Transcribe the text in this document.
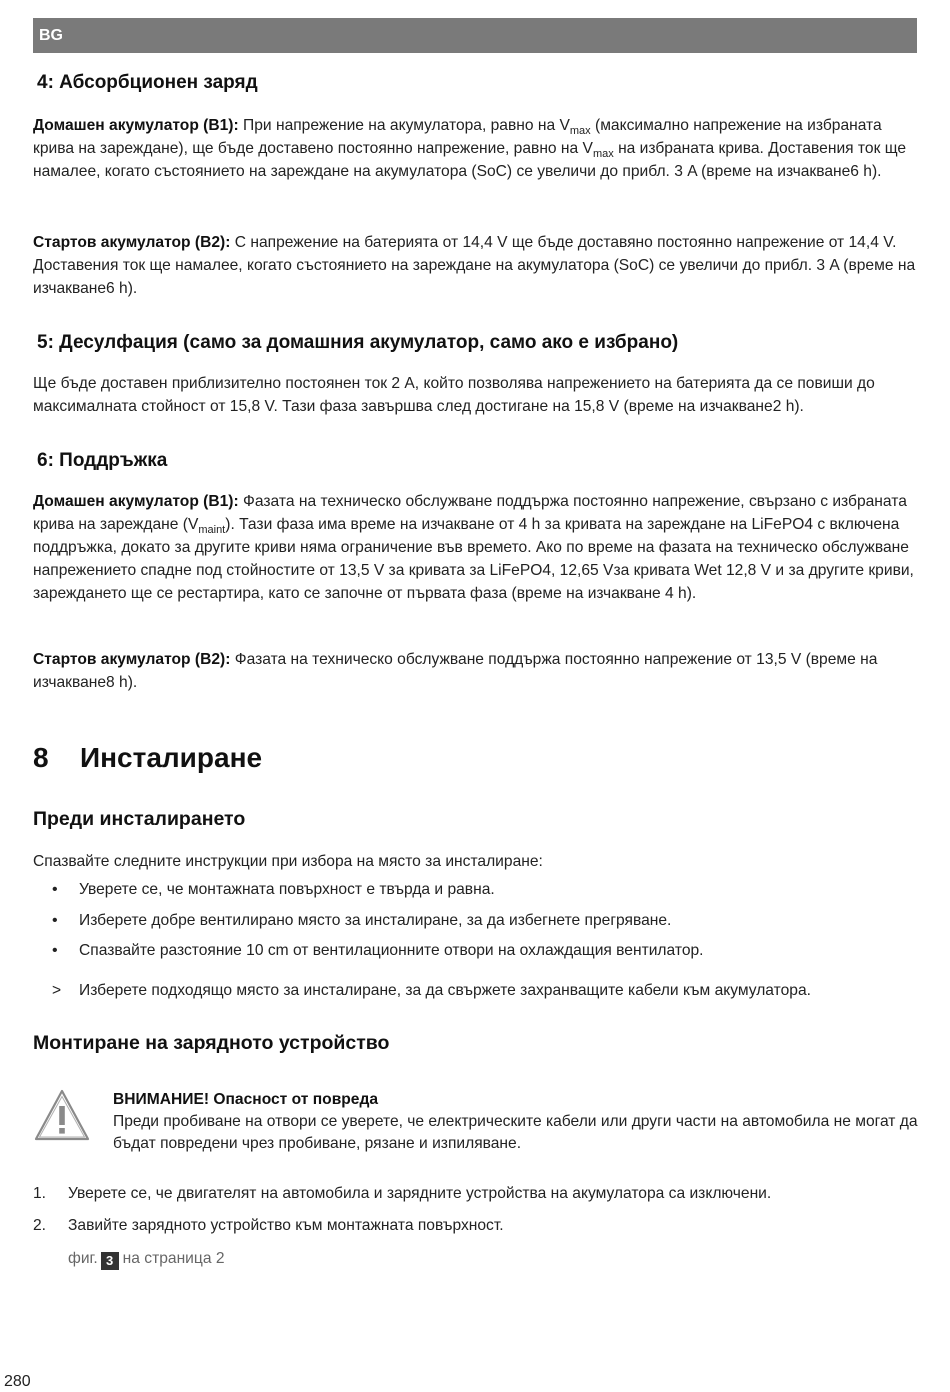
BG
4: Абсорбционен заряд
Домашен акумулатор (B1): При напрежение на акумулатора, равно на $V_{max}$ (максимално напрежение на избраната крива на зареждане), ще бъде доставено постоянно напрежение, равно на $V_{max}$ на избраната крива. Доставения ток ще намалее, когато състоянието на зареждане на акумулатора (SoC) се увеличи до прибл. 3 A (време на изчакване6 h).
Стартов акумулатор (B2): С напрежение на батерията от 14,4 V ще бъде доставяно постоянно напрежение от 14,4 V. Доставения ток ще намалее, когато състоянието на зареждане на акумулатора (SoC) се увеличи до прибл. 3 A (време на изчакване6 h).
5: Десулфация (само за домашния акумулатор, само ако е избрано)
Ще бъде доставен приблизително постоянен ток 2 A, който позволява напрежението на батерията да се повиши до максималната стойност от 15,8 V. Тази фаза завършва след достигане на 15,8 V (време на изчакване2 h).
6: Поддръжка
Домашен акумулатор (B1): Фазата на техническо обслужване поддържа постоянно напрежение, свързано с избраната крива на зареждане $(V_{maint})$. Тази фаза има време на изчакване от 4 h за кривата на зареждане на LiFePO4 с включена поддръжка, докато за другите криви няма ограничение във времето. Ако по време на фазата на техническо обслужване напрежението спадне под стойностите от 13,5 V за кривата за LiFePO4, 12,65 Vза кривата Wet 12,8 V и за другите криви, зареждането ще се рестартира, като се започне от първата фаза (време на изчакване 4 h).
Стартов акумулатор (B2): Фазата на техническо обслужване поддържа постоянно напрежение от 13,5 V (време на изчакване8 h).
8 Инсталиране
Преди инсталирането
Спазвайте следните инструкции при избора на място за инсталиране:
• Уверете се, че монтажната повърхност е твърда и равна.
• Изберете добре вентилирано място за инсталиране, за да избегнете прегряване.
• Спазвайте разстояние 10 cm от вентилационните отвори на охлаждащия вентилатор.
> Изберете подходящо място за инсталиране, за да свържете захранващите кабели към акумулатора.
Монтиране на зарядното устройство
ВНИМАНИЕ! Опасност от повреда
Преди пробиване на отвори се уверете, че електрическите кабели или други части на автомобила не могат да бъдат повредени чрез пробиване, рязане и изпиляване.
1. Уверете се, че двигателят на автомобила и зарядните устройства на акумулатора са изключени.
2. Завийте зарядното устройство към монтажната повърхност.
фиг. 3 на страница 2
280
